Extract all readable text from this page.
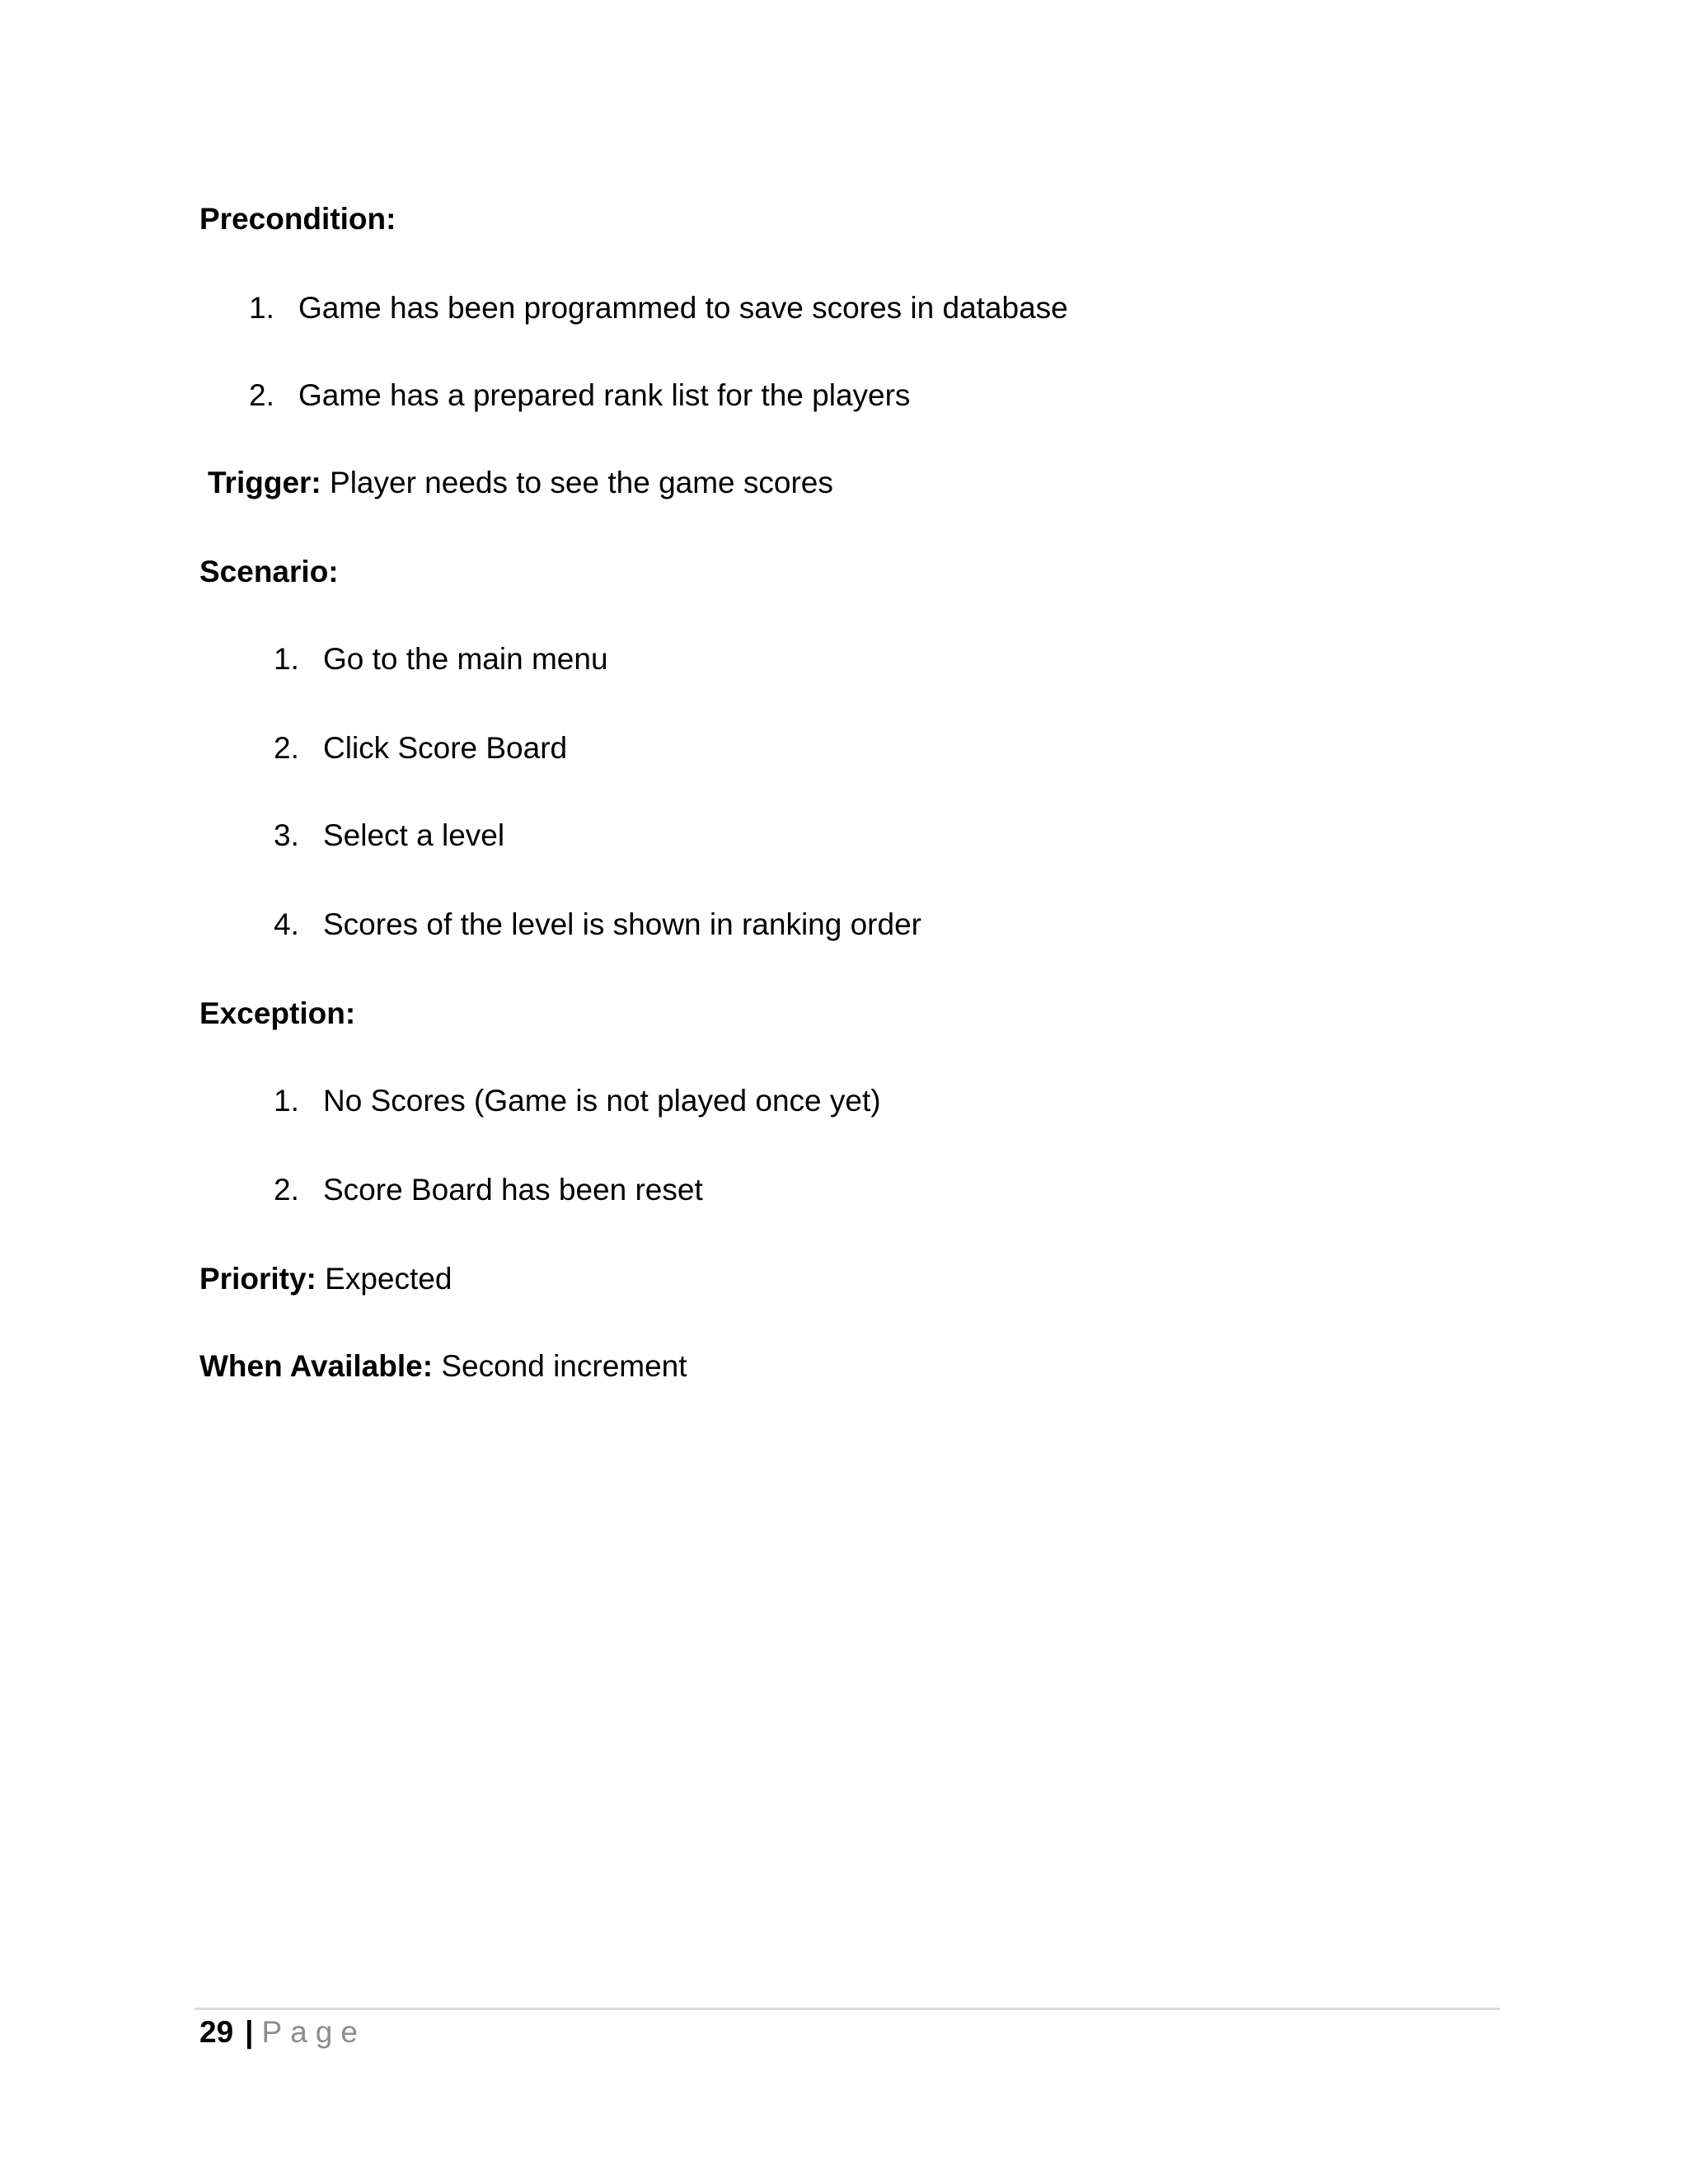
Precondition:
1. Game has been programmed to save scores in database
2. Game has a prepared rank list for the players
Trigger: Player needs to see the game scores
Scenario:
1. Go to the main menu
2. Click Score Board
3. Select a level
4. Scores of the level is shown in ranking order
Exception:
1. No Scores (Game is not played once yet)
2. Score Board has been reset
Priority: Expected
When Available: Second increment
29 | Page
